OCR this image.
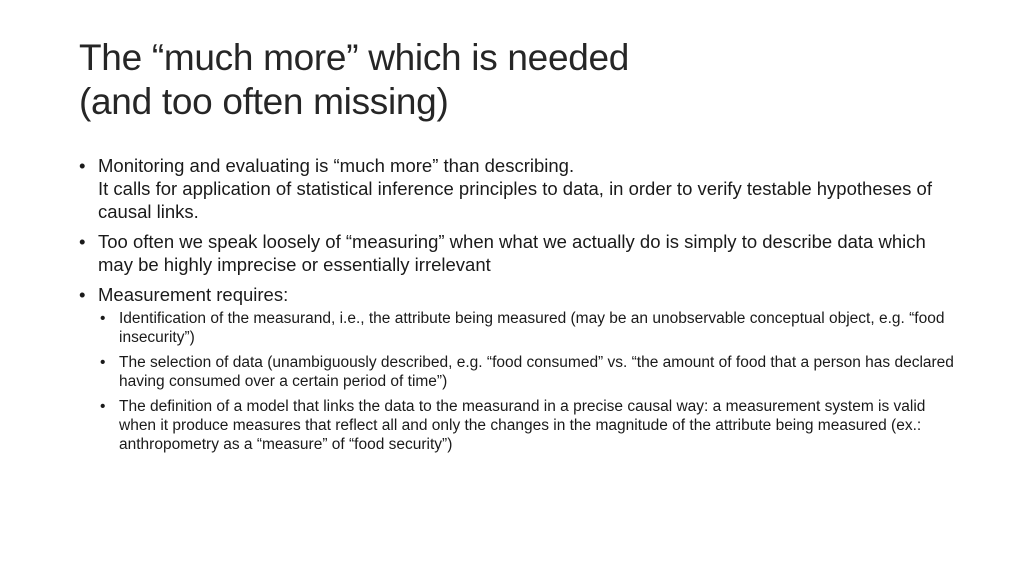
The “much more” which is needed
(and too often missing)
• Monitoring and evaluating is “much more” than describing.
It calls for application of statistical inference principles to data, in order to verify testable hypotheses of causal links.
• Too often we speak loosely of “measuring” when what we actually do is simply to describe data which may be highly imprecise or essentially irrelevant
• Measurement requires:
• Identification of the measurand, i.e., the attribute being measured (may be an unobservable conceptual object, e.g. “food insecurity”)
• The selection of data (unambiguously described, e.g. “food consumed” vs. “the amount of food that a person has declared having consumed over a certain period of time”)
• The definition of a model that links the data to the measurand in a precise causal way: a measurement system is valid when it produce measures that reflect all and only the changes in the magnitude of the attribute being measured (ex.: anthropometry as a “measure” of “food security”)
